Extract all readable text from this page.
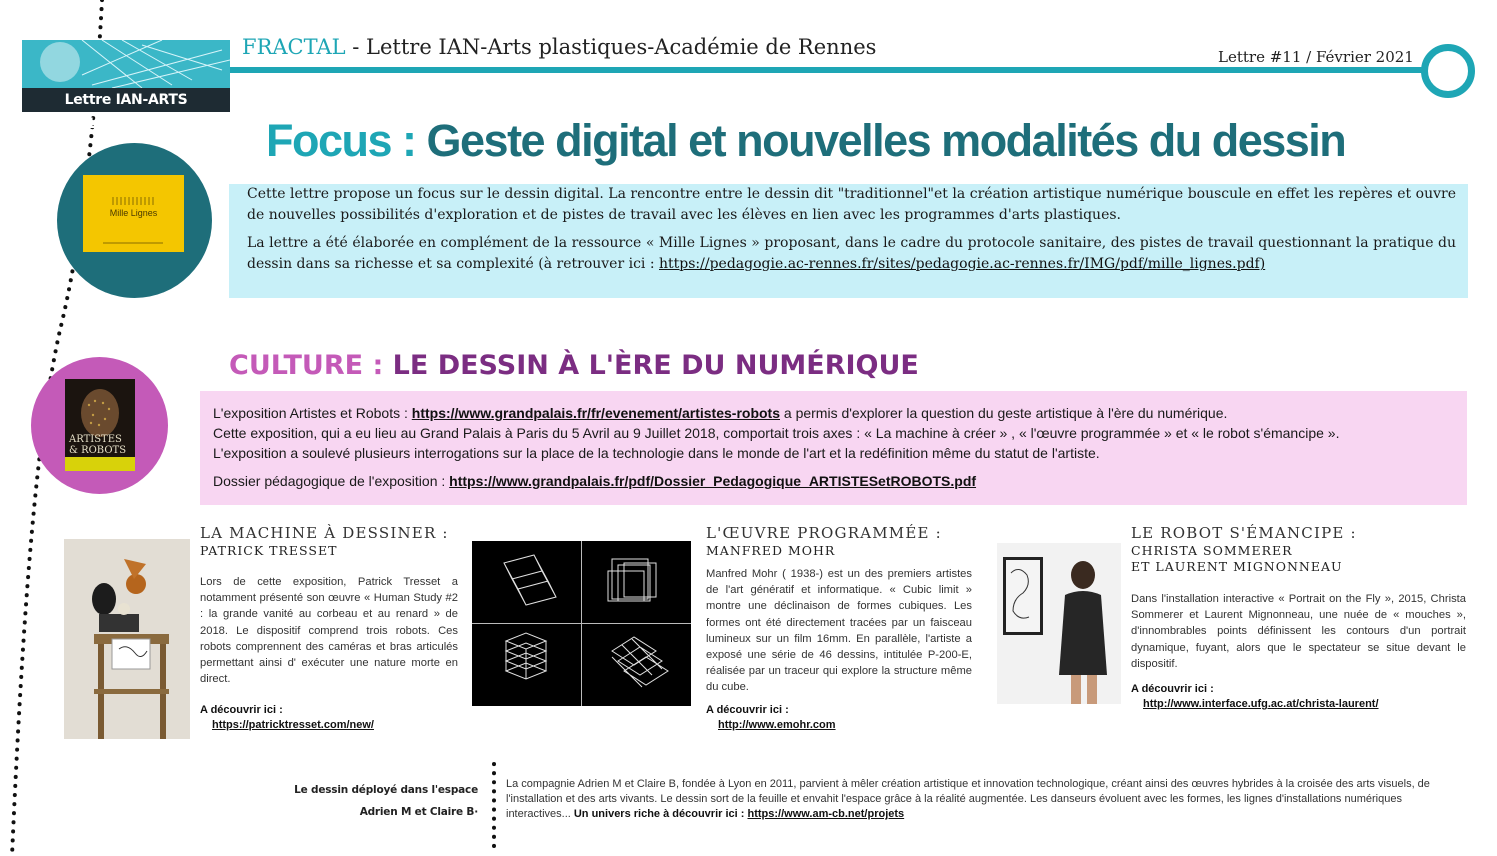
Lettre IAN-ARTS PLASTIQUES
FRACTAL - Lettre IAN-Arts plastiques-Académie de Rennes	Lettre #11 / Février 2021
Focus : Geste digital et nouvelles modalités du dessin
Mille Lignes

Cette lettre propose un focus sur le dessin digital. La rencontre entre le dessin dit "traditionnel"et la création artistique numérique bouscule en effet les repères et ouvre de nouvelles possibilités d'exploration et de pistes de travail avec les élèves en lien avec les programmes d'arts plastiques.

La lettre a été élaborée en complément de la ressource « Mille Lignes » proposant, dans le cadre du protocole sanitaire, des pistes de travail questionnant la pratique du dessin dans sa richesse et sa complexité (à retrouver ici : https://pedagogie.ac-rennes.fr/sites/pedagogie.ac-rennes.fr/IMG/pdf/mille_lignes.pdf)

ARTISTES
& ROBOTS
CULTURE : LE DESSIN À L'ÈRE DU NUMÉRIQUE

L'exposition Artistes et Robots : https://www.grandpalais.fr/fr/evenement/artistes-robots a permis d'explorer la question du geste artistique à l'ère du numérique.

Cette exposition, qui a eu lieu au Grand Palais à Paris du 5 Avril au 9 Juillet 2018, comportait trois axes : « La machine à créer » , « l'œuvre programmée » et « le robot s'émancipe ».

L'exposition a soulevé plusieurs interrogations sur la place de la technologie dans le monde de l'art et la redéfinition même du statut de l'artiste.

Dossier pédagogique de l'exposition : https://www.grandpalais.fr/pdf/Dossier_Pedagogique_ARTISTESetROBOTS.pdf

LA MACHINE À DESSINER :
PATRICK TRESSET
Lors de cette exposition, Patrick Tresset a notamment présenté son œuvre « Human Study #2 : la grande vanité au corbeau et au renard » de 2018. Le dispositif comprend trois robots. Ces robots comprennent des caméras et bras articulés permettant ainsi d' exécuter une nature morte en direct.
A découvrir ici :
https://patricktresset.com/new/
L'ŒUVRE PROGRAMMÉE :
MANFRED MOHR
Manfred Mohr ( 1938-) est un des premiers artistes de l'art génératif et informatique. « Cubic limit » montre une déclinaison de formes cubiques. Les formes ont été directement tracées par un faisceau lumineux sur un film 16mm. En parallèle, l'artiste a exposé une série de 46 dessins, intitulée P-200-E, réalisée par un traceur qui explore la structure même du cube.
A découvrir ici :
http://www.emohr.com
LE ROBOT S'ÉMANCIPE :
CHRISTA SOMMERER
ET LAURENT MIGNONNEAU
Dans l'installation interactive « Portrait on the Fly », 2015, Christa Sommerer et Laurent Mignonneau, une nuée de « mouches », d'innombrables points définissent les contours d'un portrait dynamique, fuyant, alors que le spectateur se situe devant le dispositif.
A découvrir ici :
http://www.interface.ufg.ac.at/christa-laurent/
Le dessin déployé dans l'espace
Adrien M et Claire B·
La compagnie Adrien M et Claire B, fondée à Lyon en 2011, parvient à mêler création artistique et innovation technologique, créant ainsi des œuvres hybrides à la croisée des arts visuels, de l'installation et des arts vivants. Le dessin sort de la feuille et envahit l'espace grâce à la réalité augmentée. Les danseurs évoluent avec les formes, les lignes d'installations numériques interactives... Un univers riche à découvrir ici : https://www.am-cb.net/projets
